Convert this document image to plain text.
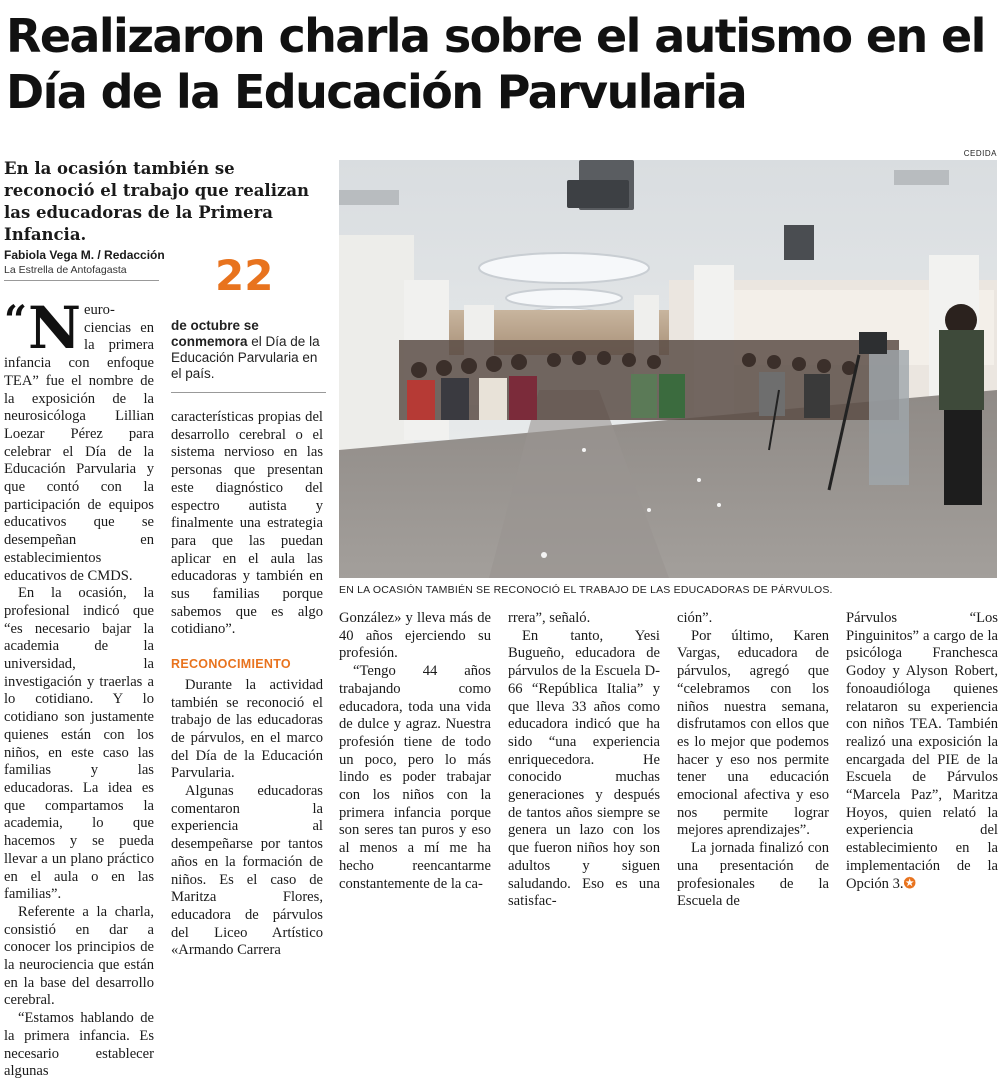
Realizaron charla sobre el autismo en el Día de la Educación Parvularia
En la ocasión también se reconoció el trabajo que realizan las educadoras de la Primera Infancia.
Fabiola Vega M. / Redacción
La Estrella de Antofagasta	22
de octubre se conmemora el Día de la Educación Parvularia en el país.

“ N eurociencias en la primera infancia con enfoque TEA” fue el nombre de la exposición de la neurosicóloga Lillian Loezar Pérez para celebrar el Día de la Educación Parvularia y que contó con la participación de equipos educativos que se desempeñan en establecimientos educativos de CMDS.

En la ocasión, la profesional indicó que “es necesario bajar la academia de la universidad, la investigación y traerlas a lo cotidiano. Y lo cotidiano son justamente quienes están con los niños, en este caso las familias y las educadoras. La idea es que compartamos la academia, lo que hacemos y se pueda llevar a un plano práctico en el aula o en las familias”.

Referente a la charla, consistió en dar a conocer los principios de la neurociencia que están en la base del desarrollo cerebral.

“Estamos hablando de la primera infancia. Es necesario establecer algunas

características propias del desarrollo cerebral o el sistema nervioso en las personas que presentan este diagnóstico del espectro autista y finalmente una estrategia para que las puedan aplicar en el aula las educadoras y también en sus familias porque sabemos que es algo cotidiano”.

RECONOCIMIENTO

Durante la actividad también se reconoció el trabajo de las educadoras de párvulos, en el marco del Día de la Educación Parvularia.

Algunas educadoras comentaron la experiencia al desempeñarse por tantos años en la formación de niños. Es el caso de Maritza Flores, educadora de párvulos del Liceo Artístico «Armando Carrera

CEDIDA
EN LA OCASIÓN TAMBIÉN SE RECONOCIÓ EL TRABAJO DE LAS EDUCADORAS DE PÁRVULOS.

González» y lleva más de 40 años ejerciendo su profesión.

“Tengo 44 años trabajando como educadora, toda una vida de dulce y agraz. Nuestra profesión tiene de todo un poco, pero lo más lindo es poder trabajar con los niños con la primera infancia porque son seres tan puros y eso al menos a mí me ha hecho reencantarme constantemente de la ca-

rrera”, señaló.

En tanto, Yesi Bugueño, educadora de párvulos de la Escuela D-66 “República Italia” y que lleva 33 años como educadora indicó que ha sido “una experiencia enriquecedora. He conocido muchas generaciones y después de tantos años siempre se genera un lazo con los que fueron niños hoy son adultos y siguen saludando. Eso es una satisfac-

ción”.

Por último, Karen Vargas, educadora de párvulos, agregó que “celebramos con los niños nuestra semana, disfrutamos con ellos que es lo mejor que podemos hacer y eso nos permite tener una educación emocional afectiva y eso nos permite lograr mejores aprendizajes”.

La jornada finalizó con una presentación de profesionales de la Escuela de

Párvulos “Los Pinguinitos” a cargo de la psicóloga Franchesca Godoy y Alyson Robert, fonoaudióloga quienes relataron su experiencia con niños TEA. También realizó una exposición la encargada del PIE de la Escuela de Párvulos “Marcela Paz”, Maritza Hoyos, quien relató la experiencia del establecimiento en la implementación de la Opción 3.✪
